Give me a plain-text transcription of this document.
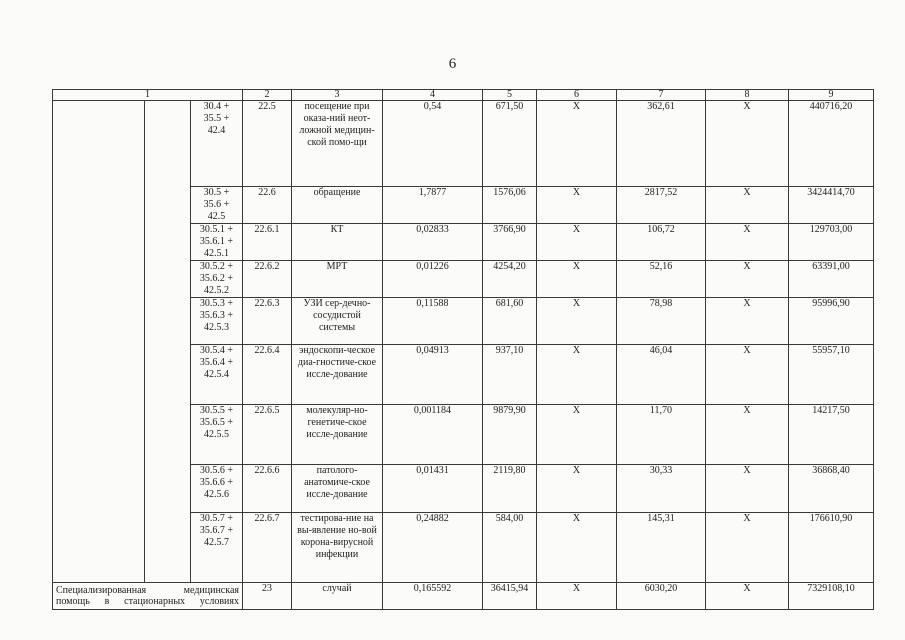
6
1			2	3	4	5	6	7	8	9	
		30.4 +
35.5 +
42.4	22.5	посещение при оказа-ний неот-ложной медицин-ской помо-щи	0,54	671,50	X	362,61	X	440716,20	
		30.5 +
35.6 +
42.5	22.6	обращение	1,7877	1576,06	X	2817,52	X	3424414,70	
		30.5.1 +
35.6.1 +
42.5.1	22.6.1	КТ	0,02833	3766,90	X	106,72	X	129703,00	
		30.5.2 +
35.6.2 +
42.5.2	22.6.2	МРТ	0,01226	4254,20	X	52,16	X	63391,00	
		30.5.3 +
35.6.3 +
42.5.3	22.6.3	УЗИ сер-дечно-сосудистой системы	0,11588	681,60	X	78,98	X	95996,90	
		30.5.4 +
35.6.4 +
42.5.4	22.6.4	эндоскопи-ческое диа-гностиче-ское иссле-дование	0,04913	937,10	X	46,04	X	55957,10	
		30.5.5 +
35.6.5 +
42.5.5	22.6.5	молекуляр-но-генетиче-ское иссле-дование	0,001184	9879,90	X	11,70	X	14217,50	
		30.5.6 +
35.6.6 +
42.5.6	22.6.6	патолого-анатомиче-ское иссле-дование	0,01431	2119,80	X	30,33	X	36868,40	
		30.5.7 +
35.6.7 +
42.5.7	22.6.7	тестирова-ние на вы-явление но-вой корона-вирусной инфекции	0,24882	584,00	X	145,31	X	176610,90	
Специализированная медицинская помощь в стационарных условиях			23	случай	0,165592	36415,94	X	6030,20	X	7329108,10	
